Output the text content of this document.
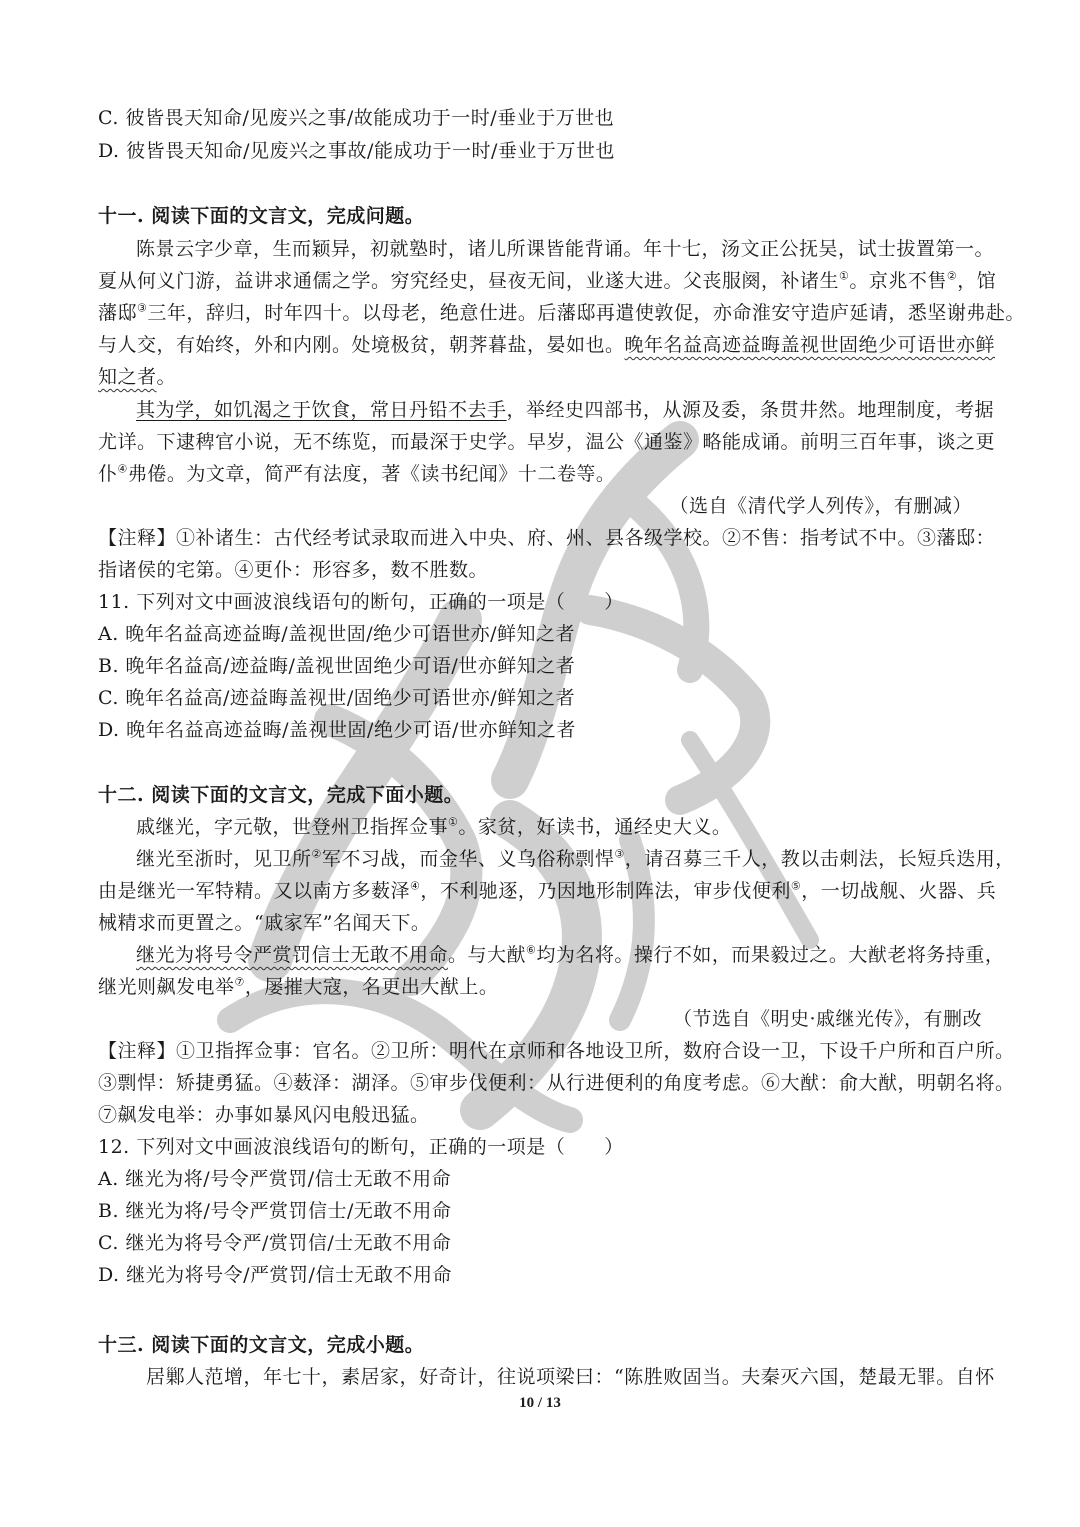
C. 彼皆畏天知命/见废兴之事/故能成功于一时/垂业于万世也
D. 彼皆畏天知命/见废兴之事故/能成功于一时/垂业于万世也
十一. 阅读下面的文言文，完成问题。
陈景云字少章，生而颖异，初就塾时，诸儿所课皆能背诵。年十七，汤文正公抚吴，试士拔置第一。
夏从何义门游，益讲求通儒之学。穷究经史，昼夜无间，业遂大进。父丧服阕，补诸生①。京兆不售②，馆
藩邸③三年，辞归，时年四十。以母老，绝意仕进。后藩邸再遣使敦促，亦命淮安守造庐延请，悉坚谢弗赴。
与人交，有始终，外和内刚。处境极贫，朝荠暮盐，晏如也。晚年名益高迹益晦盖视世固绝少可语世亦鲜
知之者。
其为学，如饥渴之于饮食，常日丹铅不去手，举经史四部书，从源及委，条贯井然。地理制度，考据
尤详。下逮稗官小说，无不练览，而最深于史学。早岁，温公《通鉴》略能成诵。前明三百年事，谈之更
仆④弗倦。为文章，简严有法度，著《读书纪闻》十二卷等。
（选自《清代学人列传》，有删减）
【注释】①补诸生：古代经考试录取而进入中央、府、州、县各级学校。②不售：指考试不中。③藩邸：
指诸侯的宅第。④更仆：形容多，数不胜数。
11. 下列对文中画波浪线语句的断句，正确的一项是（　　）
A. 晚年名益高迹益晦/盖视世固/绝少可语世亦/鲜知之者
B. 晚年名益高/迹益晦/盖视世固绝少可语/世亦鲜知之者
C. 晚年名益高/迹益晦盖视世/固绝少可语世亦/鲜知之者
D. 晚年名益高迹益晦/盖视世固/绝少可语/世亦鲜知之者
十二. 阅读下面的文言文，完成下面小题。
戚继光，字元敬，世登州卫指挥佥事①。家贫，好读书，通经史大义。
继光至浙时，见卫所②军不习战，而金华、义乌俗称剽悍③，请召募三千人，教以击刺法，长短兵迭用，
由是继光一军特精。又以南方多薮泽④，不利驰逐，乃因地形制阵法，审步伐便利⑤，一切战舰、火器、兵
械精求而更置之。“戚家军”名闻天下。
继光为将号令严赏罚信士无敢不用命。与大猷⑥均为名将。操行不如，而果毅过之。大猷老将务持重，
继光则飙发电举⑦，屡摧大寇，名更出大猷上。
（节选自《明史·戚继光传》，有删改
【注释】①卫指挥佥事：官名。②卫所：明代在京师和各地设卫所，数府合设一卫，下设千户所和百户所。
③剽悍：矫捷勇猛。④薮泽：湖泽。⑤审步伐便利：从行进便利的角度考虑。⑥大猷：俞大猷，明朝名将。
⑦飙发电举：办事如暴风闪电般迅猛。
12. 下列对文中画波浪线语句的断句，正确的一项是（　　）
A. 继光为将/号令严赏罚/信士无敢不用命
B. 继光为将/号令严赏罚信士/无敢不用命
C. 继光为将号令严/赏罚信/士无敢不用命
D. 继光为将号令/严赏罚/信士无敢不用命
十三. 阅读下面的文言文，完成小题。
居鄛人范增，年七十，素居家，好奇计，往说项梁曰：“陈胜败固当。夫秦灭六国，楚最无罪。自怀
10 / 13
